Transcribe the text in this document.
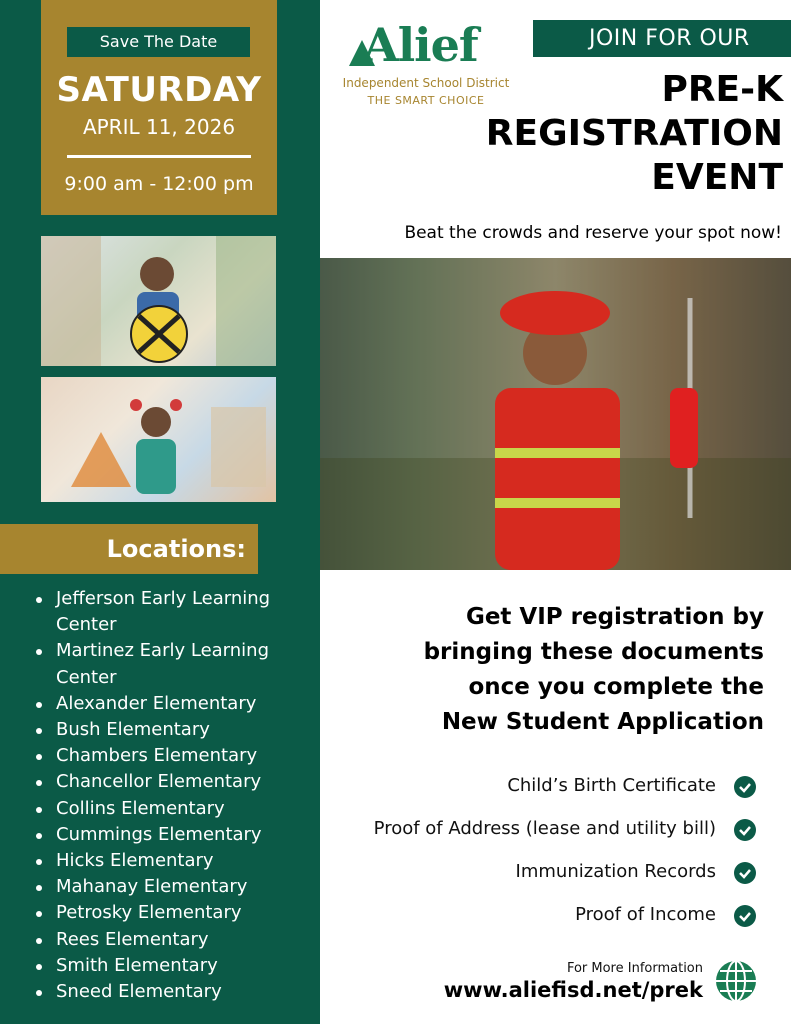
Save The Date
SATURDAY
APRIL 11, 2026
9:00 am - 12:00 pm
Locations:
Jefferson Early Learning Center
Martinez Early Learning Center
Alexander Elementary
Bush Elementary
Chambers Elementary
Chancellor Elementary
Collins Elementary
Cummings Elementary
Hicks Elementary
Mahanay Elementary
Petrosky Elementary
Rees Elementary
Smith Elementary
Sneed Elementary
Alief
Independent School District
THE SMART CHOICE
JOIN FOR OUR
PRE-K
REGISTRATION
EVENT
Beat the crowds and reserve your spot now!
Get VIP registration by
bringing these documents
once you complete the
New Student Application
Child’s Birth Certificate
Proof of Address (lease and utility bill)
Immunization Records
Proof of Income
For More Information
www.aliefisd.net/prek
